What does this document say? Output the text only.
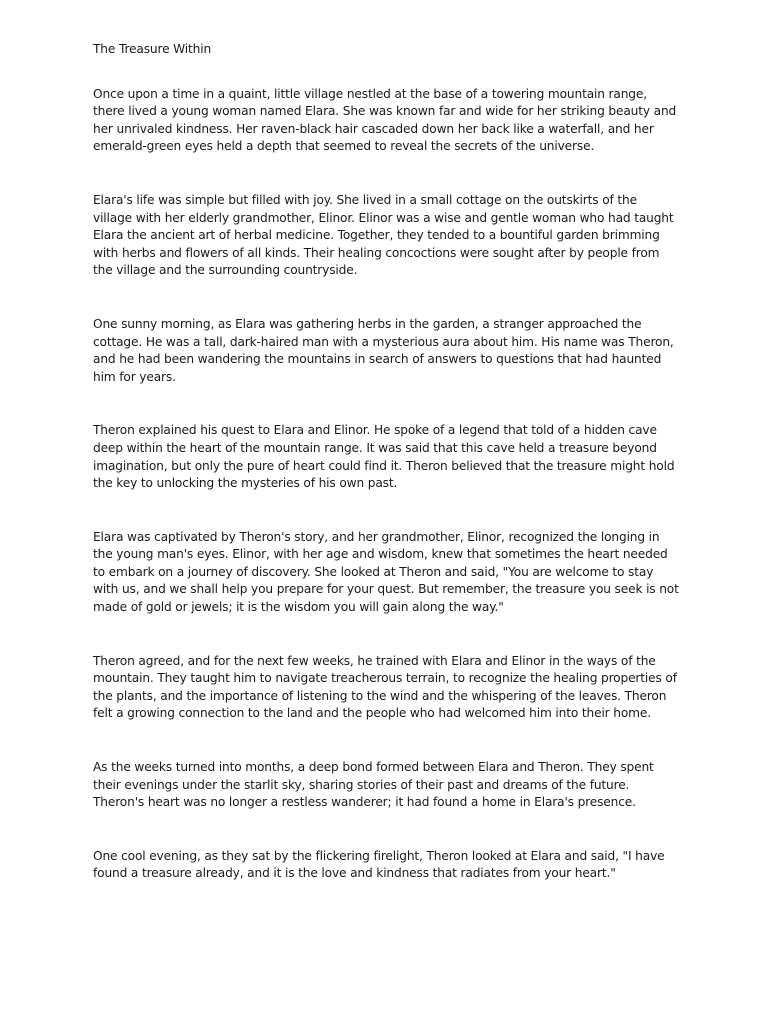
The Treasure Within

Once upon a time in a quaint, little village nestled at the base of a towering mountain range, there lived a young woman named Elara. She was known far and wide for her striking beauty and her unrivaled kindness. Her raven-black hair cascaded down her back like a waterfall, and her emerald-green eyes held a depth that seemed to reveal the secrets of the universe.

Elara's life was simple but filled with joy. She lived in a small cottage on the outskirts of the village with her elderly grandmother, Elinor. Elinor was a wise and gentle woman who had taught Elara the ancient art of herbal medicine. Together, they tended to a bountiful garden brimming with herbs and flowers of all kinds. Their healing concoctions were sought after by people from the village and the surrounding countryside.

One sunny morning, as Elara was gathering herbs in the garden, a stranger approached the cottage. He was a tall, dark-haired man with a mysterious aura about him. His name was Theron, and he had been wandering the mountains in search of answers to questions that had haunted him for years.

Theron explained his quest to Elara and Elinor. He spoke of a legend that told of a hidden cave deep within the heart of the mountain range. It was said that this cave held a treasure beyond imagination, but only the pure of heart could find it. Theron believed that the treasure might hold the key to unlocking the mysteries of his own past.

Elara was captivated by Theron's story, and her grandmother, Elinor, recognized the longing in the young man's eyes. Elinor, with her age and wisdom, knew that sometimes the heart needed to embark on a journey of discovery. She looked at Theron and said, "You are welcome to stay with us, and we shall help you prepare for your quest. But remember, the treasure you seek is not made of gold or jewels; it is the wisdom you will gain along the way."

Theron agreed, and for the next few weeks, he trained with Elara and Elinor in the ways of the mountain. They taught him to navigate treacherous terrain, to recognize the healing properties of the plants, and the importance of listening to the wind and the whispering of the leaves. Theron felt a growing connection to the land and the people who had welcomed him into their home.

As the weeks turned into months, a deep bond formed between Elara and Theron. They spent their evenings under the starlit sky, sharing stories of their past and dreams of the future. Theron's heart was no longer a restless wanderer; it had found a home in Elara's presence.

One cool evening, as they sat by the flickering firelight, Theron looked at Elara and said, "I have found a treasure already, and it is the love and kindness that radiates from your heart."
